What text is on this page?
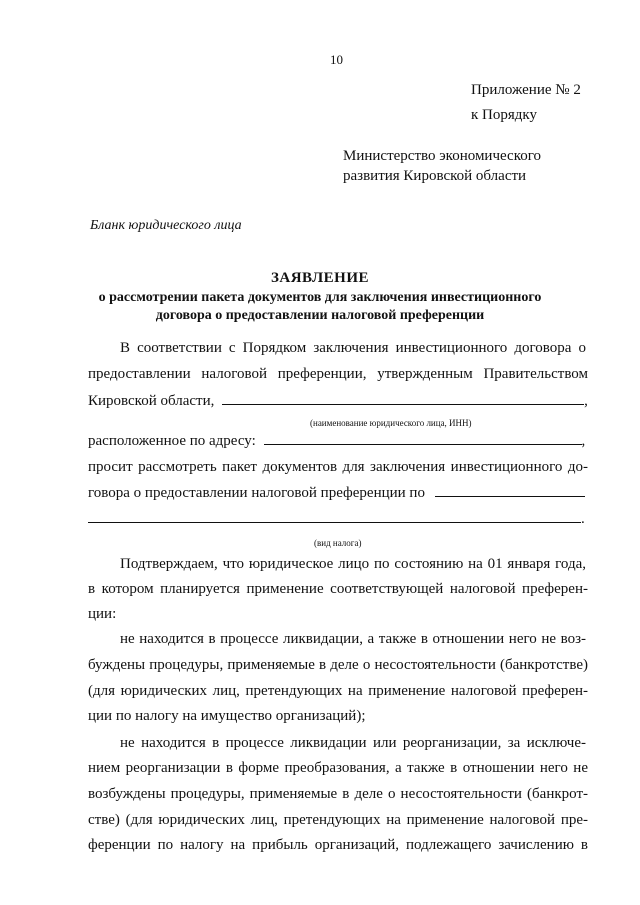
10
Приложение № 2
к Порядку
Министерство экономического
развития Кировской области
Бланк юридического лица
ЗАЯВЛЕНИЕ
о рассмотрении пакета документов для заключения инвестиционного
договора о предоставлении налоговой преференции
В соответствии с Порядком заключения инвестиционного договора о
предоставлении налоговой преференции, утвержденным Правительством
Кировской области,	,
(наименование юридического лица, ИНН)
расположенное по адресу:	,
просит рассмотреть пакет документов для заключения инвестиционного до-
говора о предоставлении налоговой преференции по
.
(вид налога)
Подтверждаем, что юридическое лицо по состоянию на 01 января года,
в котором планируется применение соответствующей налоговой преферен-
ции:
не находится в процессе ликвидации, а также в отношении него не воз-
буждены процедуры, применяемые в деле о несостоятельности (банкротстве)
(для юридических лиц, претендующих на применение налоговой преферен-
ции по налогу на имущество организаций);
не находится в процессе ликвидации или реорганизации, за исключе-
нием реорганизации в форме преобразования, а также в отношении него не
возбуждены процедуры, применяемые в деле о несостоятельности (банкрот-
стве) (для юридических лиц, претендующих на применение налоговой пре-
ференции по налогу на прибыль организаций, подлежащего зачислению в
